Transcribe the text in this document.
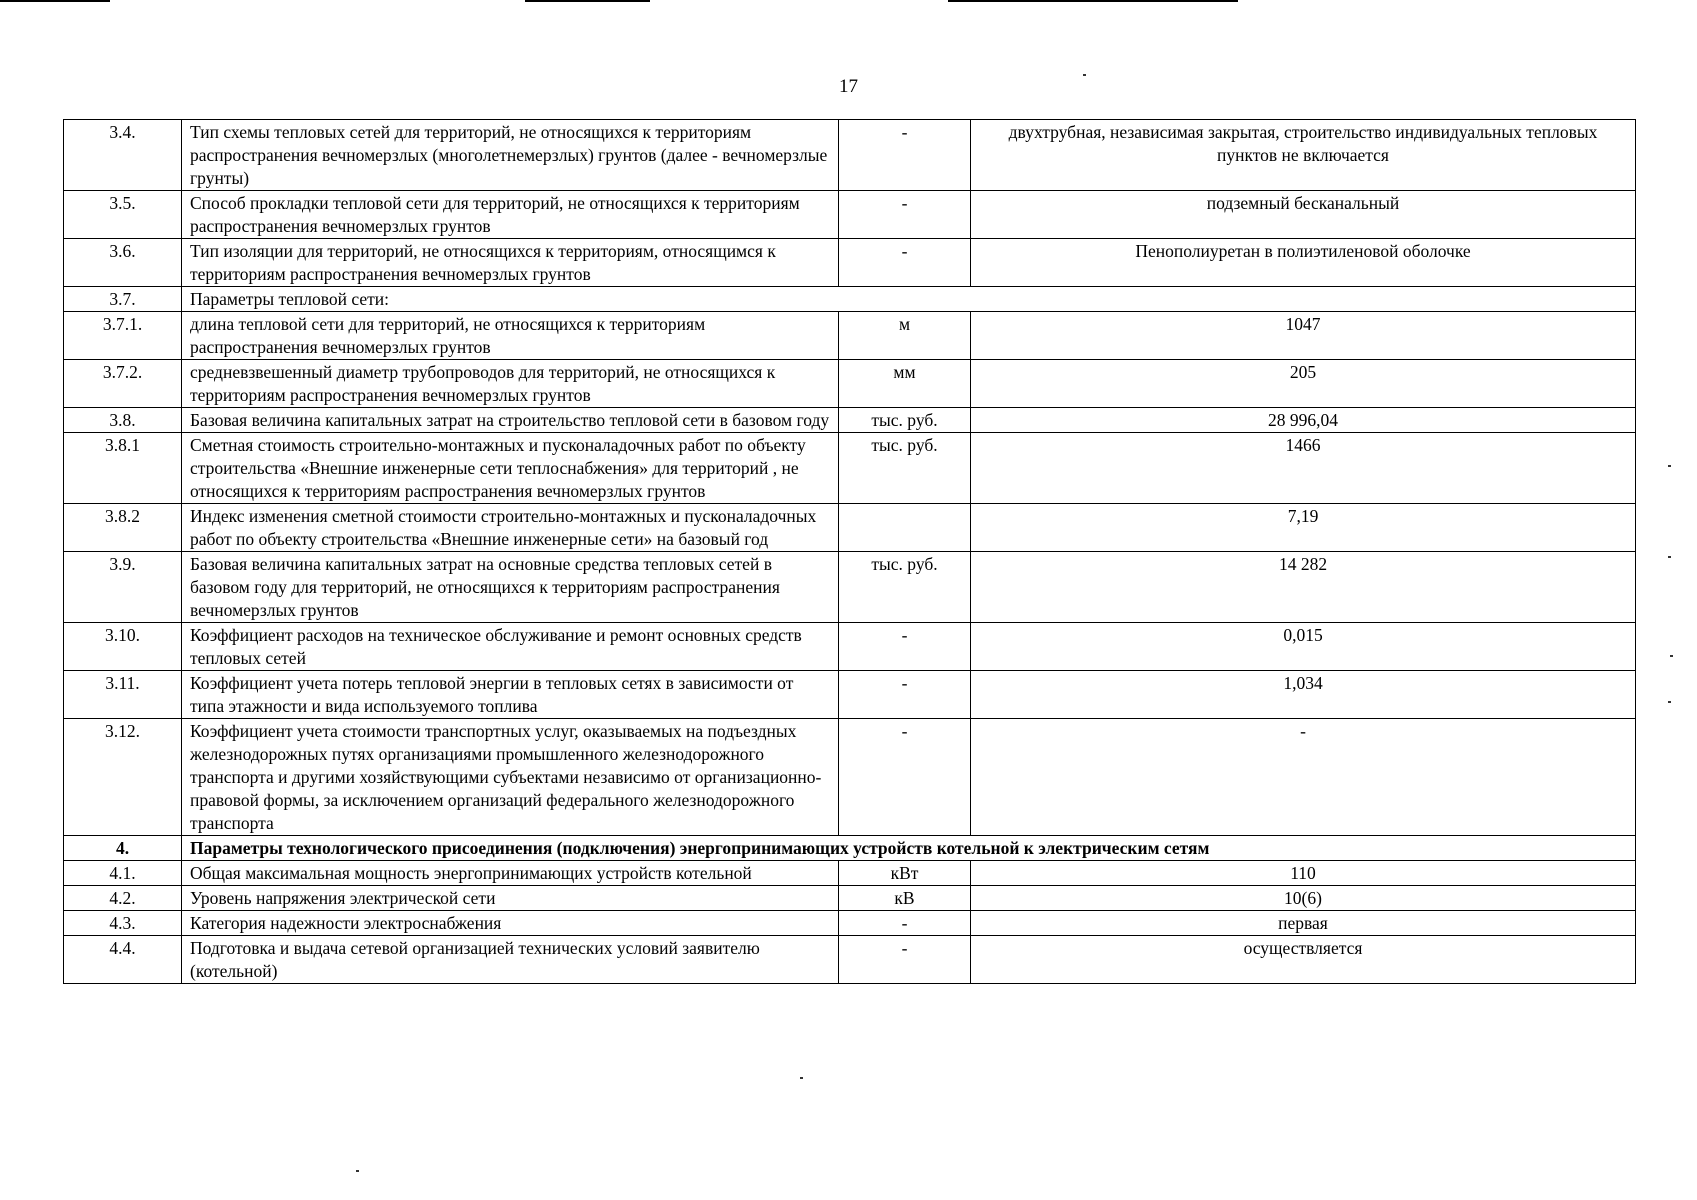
17
3.4.	Тип схемы тепловых сетей для территорий, не относящихся к территориям распространения вечномерзлых (многолетнемерзлых) грунтов (далее - вечномерзлые грунты)	-	двухтрубная, независимая закрытая, строительство индивидуальных тепловых пунктов не включается
3.5.	Способ прокладки тепловой сети для территорий, не относящихся к территориям распространения вечномерзлых грунтов	-	подземный бесканальный
3.6.	Тип изоляции для территорий, не относящихся к территориям, относящимся к территориям распространения вечномерзлых грунтов	-	Пенополиуретан в полиэтиленовой оболочке
3.7.	Параметры тепловой сети:		
3.7.1.	длина тепловой сети для территорий, не относящихся к территориям распространения вечномерзлых грунтов	м	1047
3.7.2.	средневзвешенный диаметр трубопроводов для территорий, не относящихся к территориям распространения вечномерзлых грунтов	мм	205
3.8.	Базовая величина капитальных затрат на строительство тепловой сети в базовом году	тыс. руб.	28 996,04
3.8.1	Сметная стоимость строительно-монтажных и пусконаладочных работ по объекту строительства «Внешние инженерные сети теплоснабжения» для территорий , не относящихся к территориям распространения вечномерзлых грунтов	тыс. руб.	1466
3.8.2	Индекс изменения сметной стоимости строительно-монтажных и пусконаладочных работ по объекту строительства «Внешние инженерные сети» на базовый год		7,19
3.9.	Базовая величина капитальных затрат на основные средства тепловых сетей в базовом году для территорий, не относящихся к территориям распространения вечномерзлых грунтов	тыс. руб.	14 282
3.10.	Коэффициент расходов на техническое обслуживание и ремонт основных средств тепловых сетей	-	0,015
3.11.	Коэффициент учета потерь тепловой энергии в тепловых сетях в зависимости от типа этажности и вида используемого топлива	-	1,034
3.12.	Коэффициент учета стоимости транспортных услуг, оказываемых на подъездных железнодорожных путях организациями промышленного железнодорожного транспорта и другими хозяйствующими субъектами независимо от организационно-правовой формы, за исключением организаций федерального железнодорожного транспорта	-	-
4.	Параметры технологического присоединения (подключения) энергопринимающих устройств котельной к электрическим сетям		
4.1.	Общая максимальная мощность энергопринимающих устройств котельной	кВт	110
4.2.	Уровень напряжения электрической сети	кВ	10(6)
4.3.	Категория надежности электроснабжения	-	первая
4.4.	Подготовка и выдача сетевой организацией технических условий заявителю (котельной)	-	осуществляется
